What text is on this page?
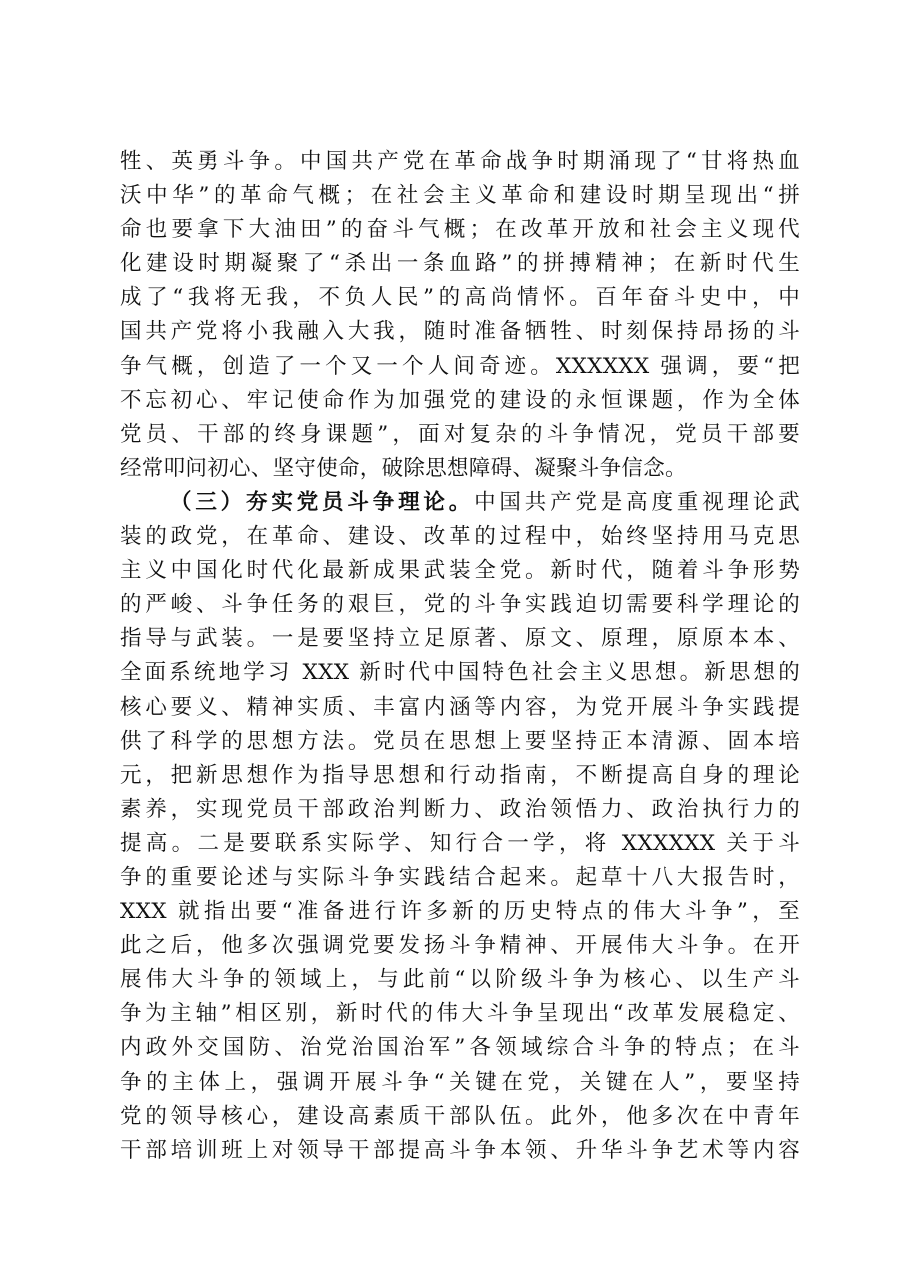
牲、英勇斗争。中国共产党在革命战争时期涌现了“甘将热血
沃中华”的革命气概；在社会主义革命和建设时期呈现出“拼
命也要拿下大油田”的奋斗气概；在改革开放和社会主义现代
化建设时期凝聚了“杀出一条血路”的拼搏精神；在新时代生
成了“我将无我，不负人民”的高尚情怀。百年奋斗史中，中
国共产党将小我融入大我，随时准备牺牲、时刻保持昂扬的斗
争气概，创造了一个又一个人间奇迹。XXXXXX 强调，要“把
不忘初心、牢记使命作为加强党的建设的永恒课题，作为全体
党员、干部的终身课题”，面对复杂的斗争情况，党员干部要
经常叩问初心、坚守使命，破除思想障碍、凝聚斗争信念。
（三）夯实党员斗争理论。中国共产党是高度重视理论武
装的政党，在革命、建设、改革的过程中，始终坚持用马克思
主义中国化时代化最新成果武装全党。新时代，随着斗争形势
的严峻、斗争任务的艰巨，党的斗争实践迫切需要科学理论的
指导与武装。一是要坚持立足原著、原文、原理，原原本本、
全面系统地学习 XXX 新时代中国特色社会主义思想。新思想的
核心要义、精神实质、丰富内涵等内容，为党开展斗争实践提
供了科学的思想方法。党员在思想上要坚持正本清源、固本培
元，把新思想作为指导思想和行动指南，不断提高自身的理论
素养，实现党员干部政治判断力、政治领悟力、政治执行力的
提高。二是要联系实际学、知行合一学，将 XXXXXX 关于斗
争的重要论述与实际斗争实践结合起来。起草十八大报告时，
XXX 就指出要“准备进行许多新的历史特点的伟大斗争”，至
此之后，他多次强调党要发扬斗争精神、开展伟大斗争。在开
展伟大斗争的领域上，与此前“以阶级斗争为核心、以生产斗
争为主轴”相区别，新时代的伟大斗争呈现出“改革发展稳定、
内政外交国防、治党治国治军”各领域综合斗争的特点；在斗
争的主体上，强调开展斗争“关键在党，关键在人”，要坚持
党的领导核心，建设高素质干部队伍。此外，他多次在中青年
干部培训班上对领导干部提高斗争本领、升华斗争艺术等内容
